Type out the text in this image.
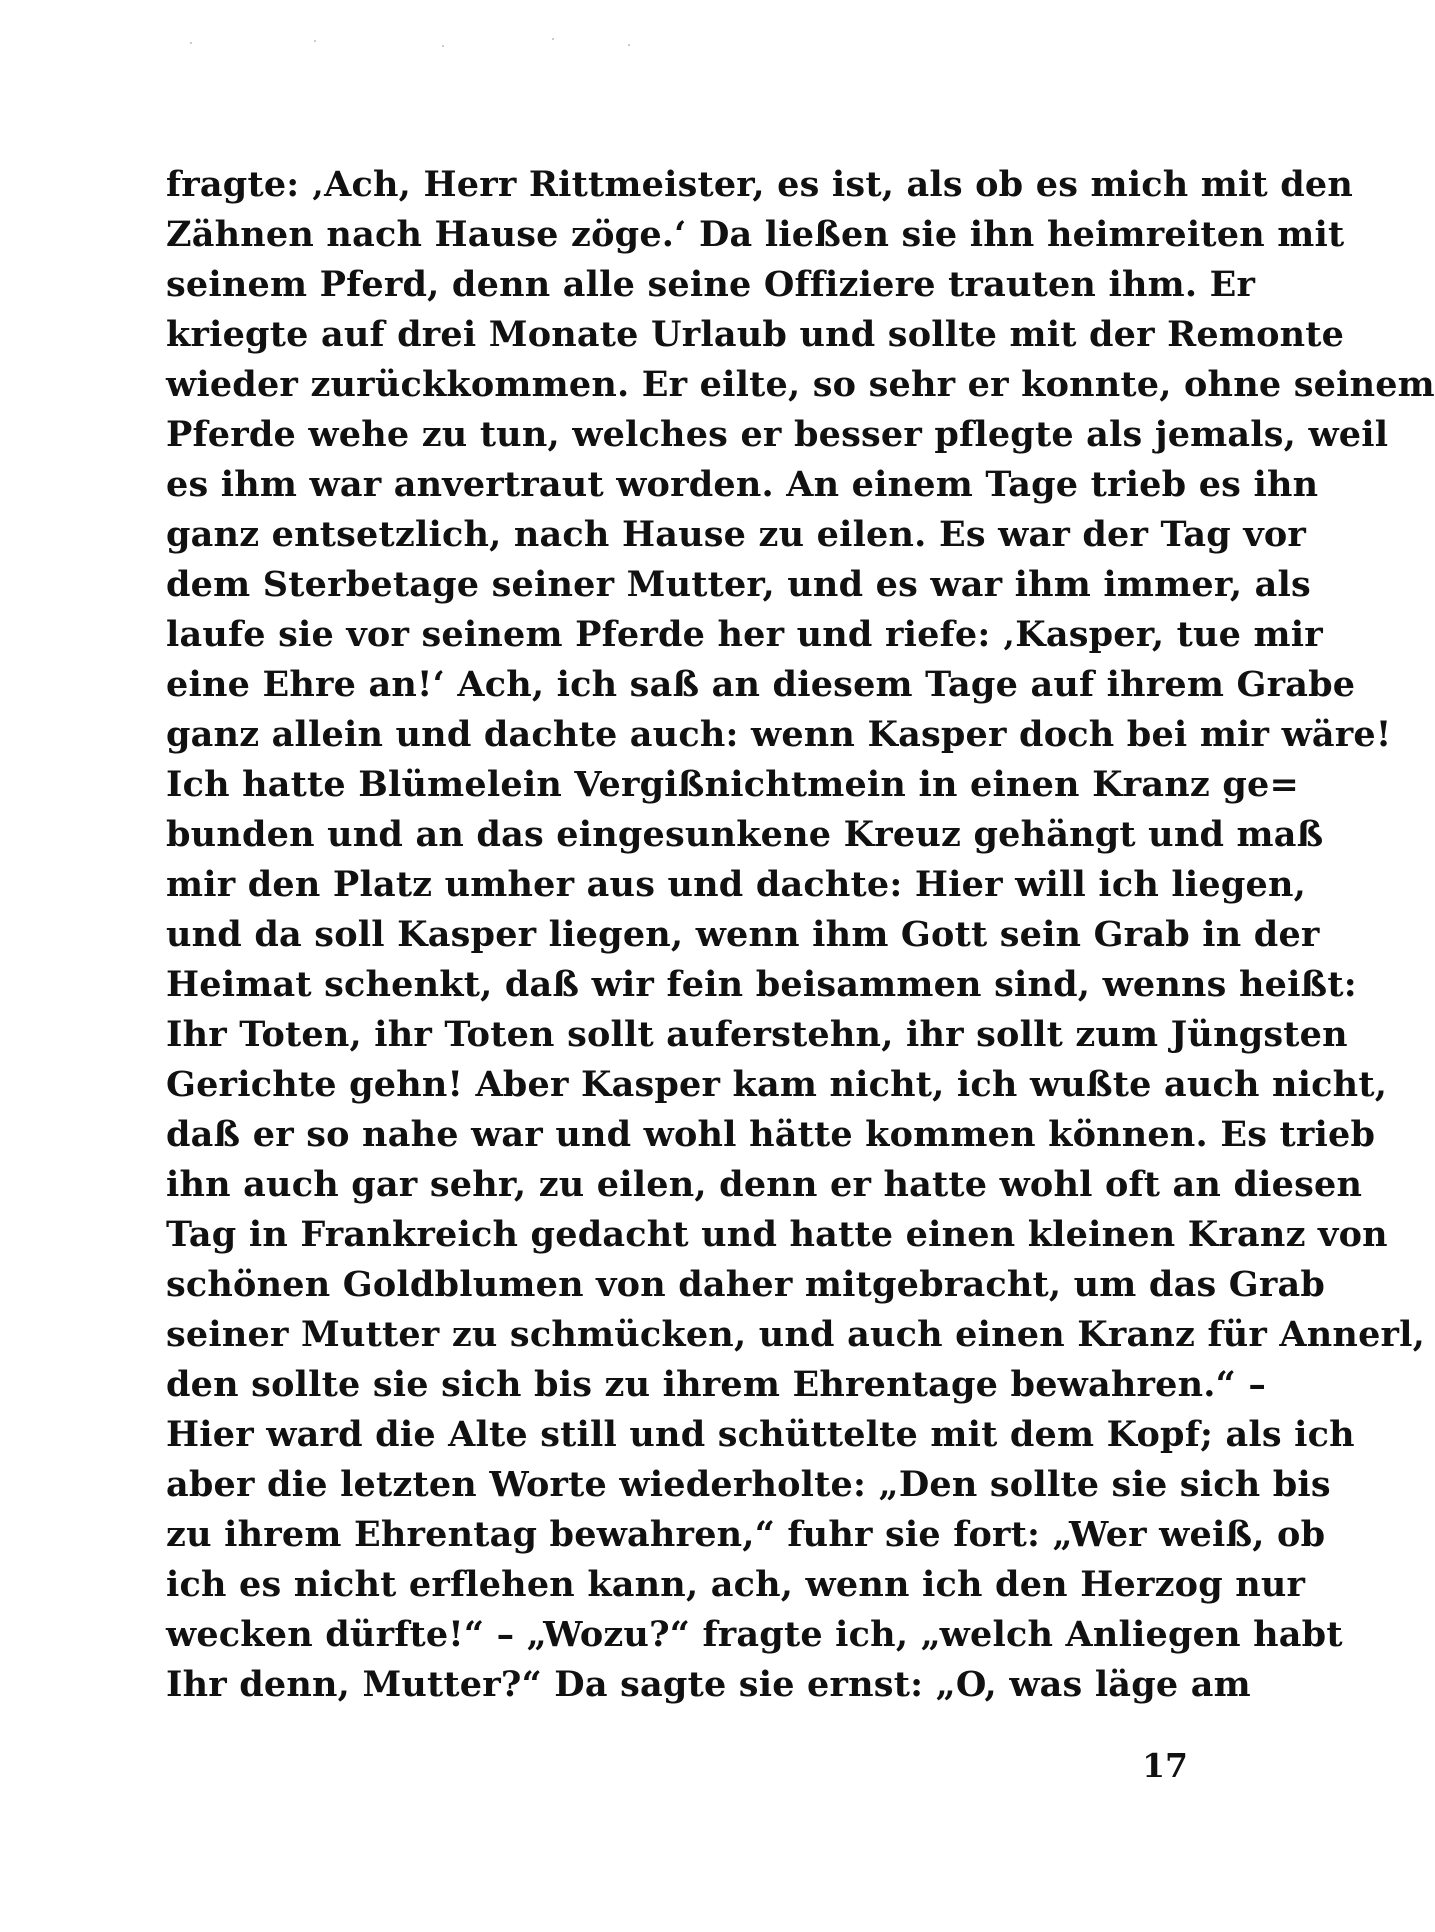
fragte: ‚Ach, Herr Rittmeister, es ist, als ob es mich mit den
Zähnen nach Hause zöge.‘ Da ließen sie ihn heimreiten mit
seinem Pferd, denn alle seine Offiziere trauten ihm. Er
kriegte auf drei Monate Urlaub und sollte mit der Remonte
wieder zurückkommen. Er eilte, so sehr er konnte, ohne seinem
Pferde wehe zu tun, welches er besser pflegte als jemals, weil
es ihm war anvertraut worden. An einem Tage trieb es ihn
ganz entsetzlich, nach Hause zu eilen. Es war der Tag vor
dem Sterbetage seiner Mutter, und es war ihm immer, als
laufe sie vor seinem Pferde her und riefe: ‚Kasper, tue mir
eine Ehre an!‘ Ach, ich saß an diesem Tage auf ihrem Grabe
ganz allein und dachte auch: wenn Kasper doch bei mir wäre!
Ich hatte Blümelein Vergißnichtmein in einen Kranz ge=
bunden und an das eingesunkene Kreuz gehängt und maß
mir den Platz umher aus und dachte: Hier will ich liegen,
und da soll Kasper liegen, wenn ihm Gott sein Grab in der
Heimat schenkt, daß wir fein beisammen sind, wenns heißt:
Ihr Toten, ihr Toten sollt auferstehn, ihr sollt zum Jüngsten
Gerichte gehn! Aber Kasper kam nicht, ich wußte auch nicht,
daß er so nahe war und wohl hätte kommen können. Es trieb
ihn auch gar sehr, zu eilen, denn er hatte wohl oft an diesen
Tag in Frankreich gedacht und hatte einen kleinen Kranz von
schönen Goldblumen von daher mitgebracht, um das Grab
seiner Mutter zu schmücken, und auch einen Kranz für Annerl,
den sollte sie sich bis zu ihrem Ehrentage bewahren.“ –
Hier ward die Alte still und schüttelte mit dem Kopf; als ich
aber die letzten Worte wiederholte: „Den sollte sie sich bis
zu ihrem Ehrentag bewahren,“ fuhr sie fort: „Wer weiß, ob
ich es nicht erflehen kann, ach, wenn ich den Herzog nur
wecken dürfte!“ – „Wozu?“ fragte ich, „welch Anliegen habt
Ihr denn, Mutter?“ Da sagte sie ernst: „O, was läge am
17
